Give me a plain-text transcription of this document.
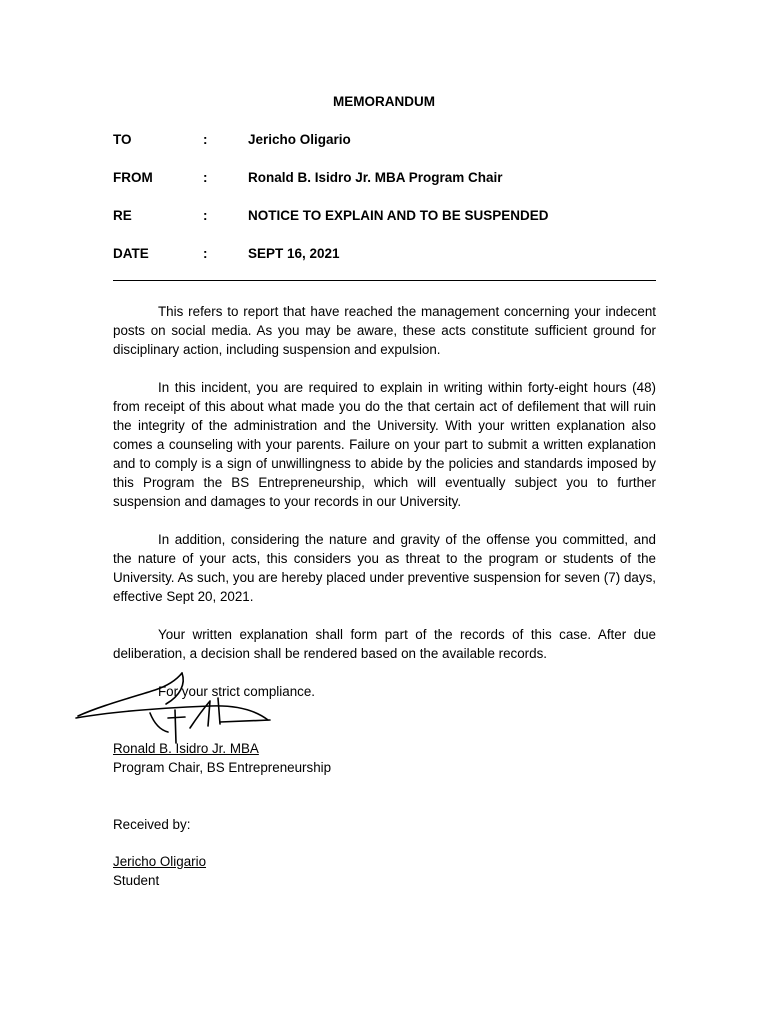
MEMORANDUM
TO	:	Jericho Oligario
FROM	:	Ronald B. Isidro Jr. MBA Program Chair
RE	:	NOTICE TO EXPLAIN AND TO BE SUSPENDED
DATE	:	SEPT 16, 2021

This refers to report that have reached the management concerning your indecent posts on social media. As you may be aware, these acts constitute sufficient ground for disciplinary action, including suspension and expulsion.

In this incident, you are required to explain in writing within forty-eight hours (48) from receipt of this about what made you do the that certain act of defilement that will ruin the integrity of the administration and the University. With your written explanation also comes a counseling with your parents. Failure on your part to submit a written explanation and to comply is a sign of unwillingness to abide by the policies and standards imposed by this Program the BS Entrepreneurship, which will eventually subject you to further suspension and damages to your records in our University.

In addition, considering the nature and gravity of the offense you committed, and the nature of your acts, this considers you as threat to the program or students of the University. As such, you are hereby placed under preventive suspension for seven (7) days, effective Sept 20, 2021.

Your written explanation shall form part of the records of this case. After due deliberation, a decision shall be rendered based on the available records.

For your strict compliance.
Ronald B. Isidro Jr. MBA
Program Chair, BS Entrepreneurship
Received by:
Jericho Oligario
Student
